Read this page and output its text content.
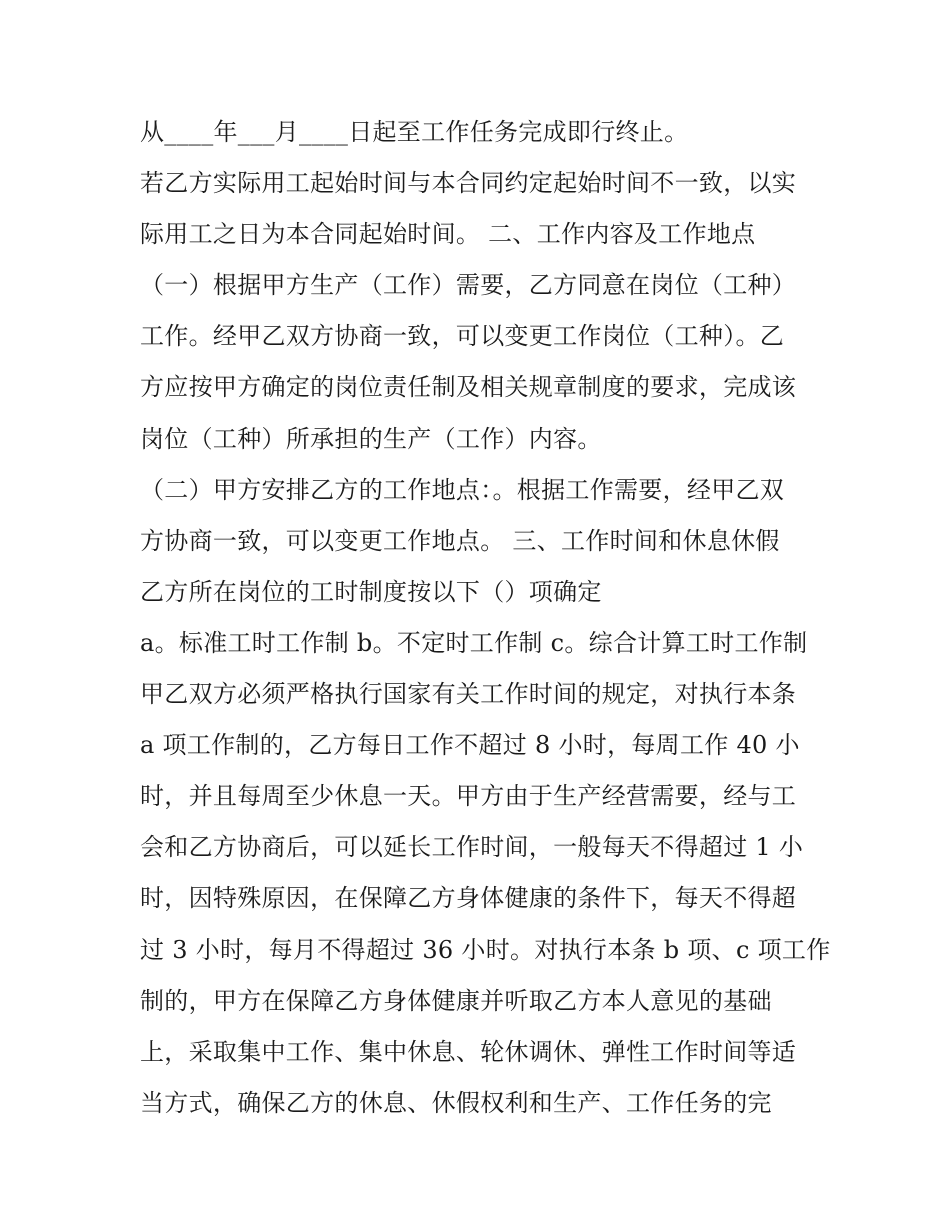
从____年___月____日起至工作任务完成即行终止。
若乙方实际用工起始时间与本合同约定起始时间不一致，以实
际用工之日为本合同起始时间。 二、工作内容及工作地点
（一）根据甲方生产（工作）需要，乙方同意在岗位（工种）
工作。经甲乙双方协商一致，可以变更工作岗位（工种）。乙
方应按甲方确定的岗位责任制及相关规章制度的要求，完成该
岗位（工种）所承担的生产（工作）内容。
（二）甲方安排乙方的工作地点：。根据工作需要，经甲乙双
方协商一致，可以变更工作地点。 三、工作时间和休息休假
乙方所在岗位的工时制度按以下（）项确定
a。标准工时工作制 b。不定时工作制 c。综合计算工时工作制
甲乙双方必须严格执行国家有关工作时间的规定，对执行本条
a 项工作制的，乙方每日工作不超过 8 小时，每周工作 40 小
时，并且每周至少休息一天。甲方由于生产经营需要，经与工
会和乙方协商后，可以延长工作时间，一般每天不得超过 1 小
时，因特殊原因，在保障乙方身体健康的条件下，每天不得超
过 3 小时，每月不得超过 36 小时。对执行本条 b 项、c 项工作
制的，甲方在保障乙方身体健康并听取乙方本人意见的基础
上，采取集中工作、集中休息、轮休调休、弹性工作时间等适
当方式，确保乙方的休息、休假权利和生产、工作任务的完
